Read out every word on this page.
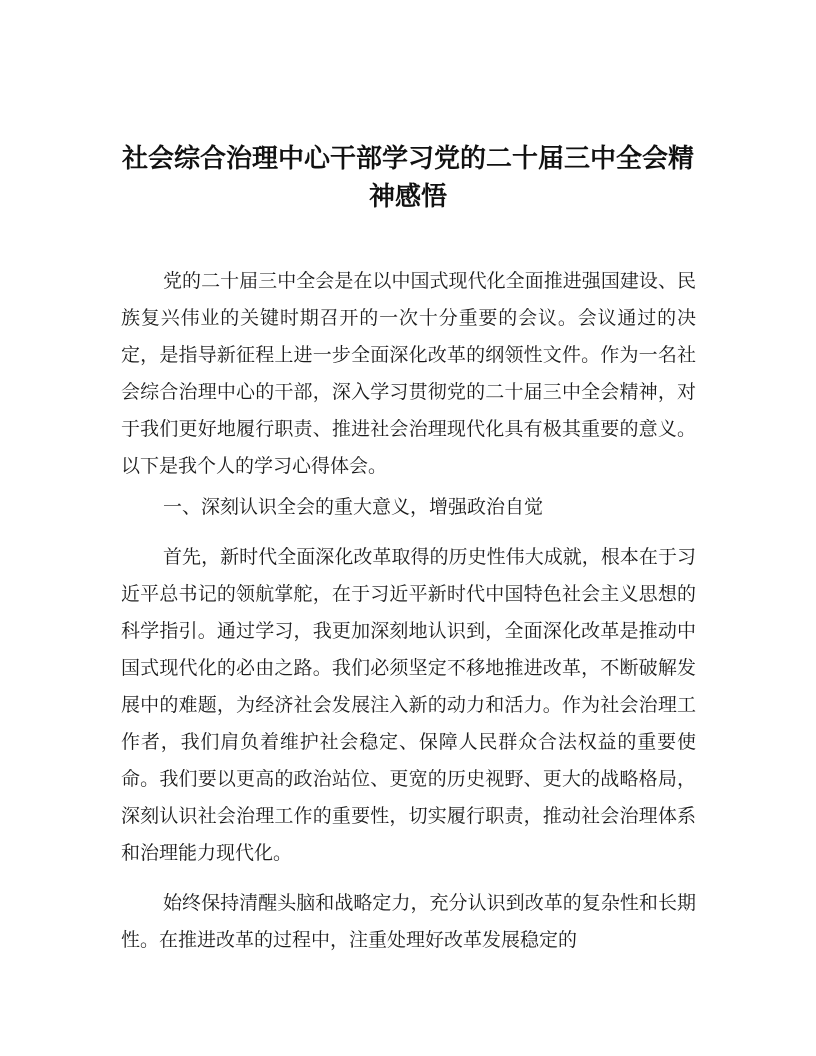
社会综合治理中心干部学习党的二十届三中全会精神感悟

党的二十届三中全会是在以中国式现代化全面推进强国建设、民族复兴伟业的关键时期召开的一次十分重要的会议。会议通过的决定，是指导新征程上进一步全面深化改革的纲领性文件。作为一名社会综合治理中心的干部，深入学习贯彻党的二十届三中全会精神，对于我们更好地履行职责、推进社会治理现代化具有极其重要的意义。以下是我个人的学习心得体会。

一、深刻认识全会的重大意义，增强政治自觉

首先，新时代全面深化改革取得的历史性伟大成就，根本在于习近平总书记的领航掌舵，在于习近平新时代中国特色社会主义思想的科学指引。通过学习，我更加深刻地认识到，全面深化改革是推动中国式现代化的必由之路。我们必须坚定不移地推进改革，不断破解发展中的难题，为经济社会发展注入新的动力和活力。作为社会治理工作者，我们肩负着维护社会稳定、保障人民群众合法权益的重要使命。我们要以更高的政治站位、更宽的历史视野、更大的战略格局，深刻认识社会治理工作的重要性，切实履行职责，推动社会治理体系和治理能力现代化。

始终保持清醒头脑和战略定力，充分认识到改革的复杂性和长期性。在推进改革的过程中，注重处理好改革发展稳定的
